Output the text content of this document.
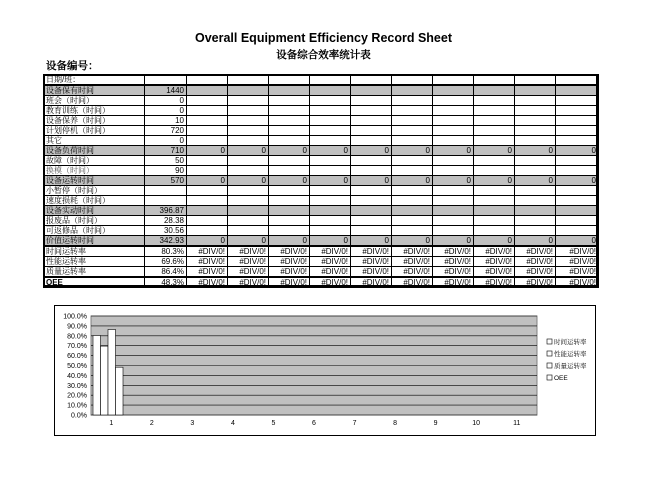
Overall Equipment Efficiency Record Sheet
设备综合效率统计表
设备编号：
日期/班：											
设备保有时间	1440										
班会（时间）	0										
教育训练（时间）	0										
设备保养（时间）	10										
计划停机（时间）	720										
其它	0										
设备负荷时间	710	0	0	0	0	0	0	0	0	0	0
故障（时间）	50										
换模（时间）	90										
设备运转时间	570	0	0	0	0	0	0	0	0	0	0
小暂停（时间）											
速度损耗（时间）											
设备实动时间	396.87										
报废品（时间）	28.38										
可返修品（时间）	30.56										
价值运转时间	342.93	0	0	0	0	0	0	0	0	0	0
时间运转率	80.3%	#DIV/0!	#DIV/0!	#DIV/0!	#DIV/0!	#DIV/0!	#DIV/0!	#DIV/0!	#DIV/0!	#DIV/0!	#DIV/0!
性能运转率	69.6%	#DIV/0!	#DIV/0!	#DIV/0!	#DIV/0!	#DIV/0!	#DIV/0!	#DIV/0!	#DIV/0!	#DIV/0!	#DIV/0!
质量运转率	86.4%	#DIV/0!	#DIV/0!	#DIV/0!	#DIV/0!	#DIV/0!	#DIV/0!	#DIV/0!	#DIV/0!	#DIV/0!	#DIV/0!
OEE	48.3%	#DIV/0!	#DIV/0!	#DIV/0!	#DIV/0!	#DIV/0!	#DIV/0!	#DIV/0!	#DIV/0!	#DIV/0!	#DIV/0!
0.0%
10.0%
20.0%
30.0%
40.0%
50.0%
60.0%
70.0%
80.0%
90.0%
100.0%
1	2	3	4	5	6	7	8	9	10	11
时间运转率
性能运转率
质量运转率
OEE
